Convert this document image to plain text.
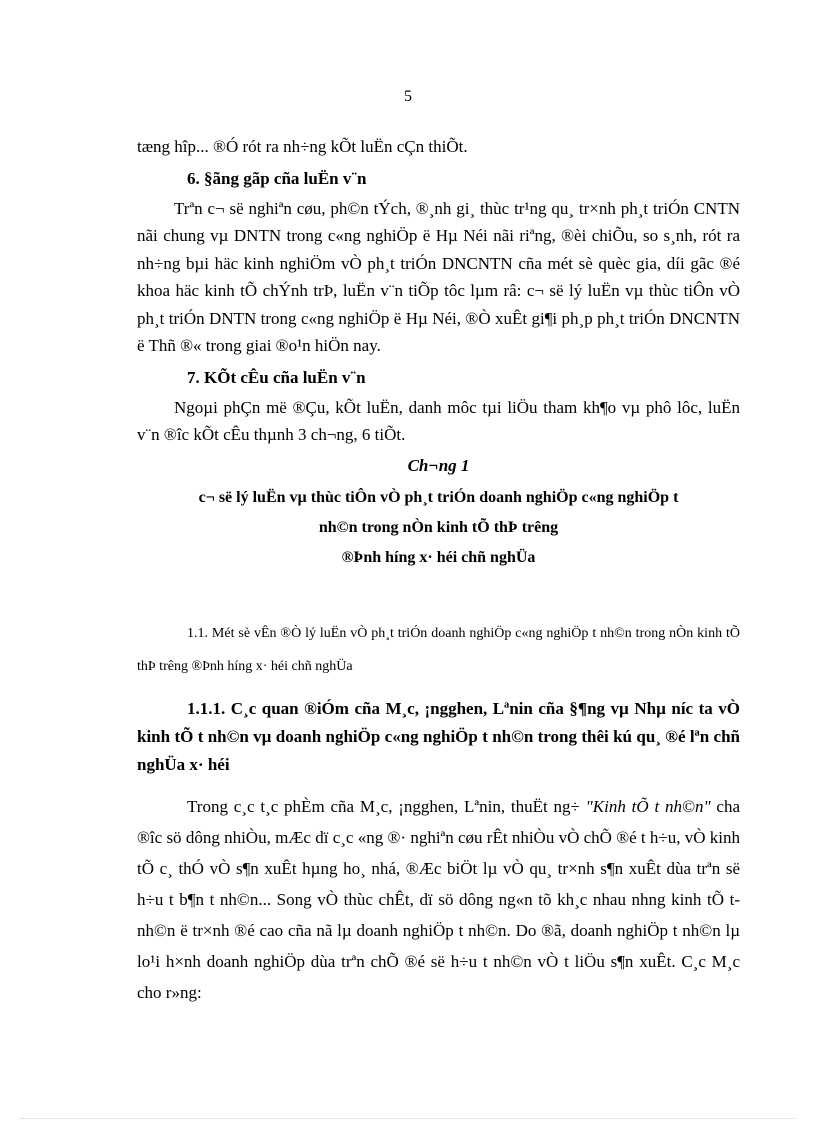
5

tæng hîp... ®Ó rót ra nh÷ng kÕt luËn cÇn thiÕt.

6. §ãng gãp cña luËn v¨n

Trªn c¬ së nghiªn cøu, ph©n tÝch, ®¸nh gi¸ thùc tr¹ng qu¸ tr×nh ph¸t triÓn CNTN nãi chung vµ DNTN trong c«ng nghiÖp ë Hµ Néi nãi riªng, ®èi chiÕu, so s¸nh, rót ra nh÷ng bµi häc kinh nghiÖm vÒ ph¸t triÓn DNCNTN cña mét sè quèc gia, díi gãc ®é khoa häc kinh tÕ chÝnh trÞ, luËn v¨n tiÕp tôc lµm râ: c¬ së lý luËn vµ thùc tiÔn vÒ ph¸t triÓn DNTN trong c«ng nghiÖp ë Hµ Néi, ®Ò xuÊt gi¶i ph¸p ph¸t triÓn DNCNTN ë Thñ ®« trong giai ®o¹n hiÖn nay.

7. KÕt cÊu cña luËn v¨n

Ngoµi phÇn më ®Çu, kÕt luËn, danh môc tµi liÖu tham kh¶o vµ phô lôc, luËn v¨n ®îc kÕt cÊu thµnh 3 ch¬ng, 6 tiÕt.

Ch¬ng 1

c¬ së lý luËn vµ thùc tiÔn vÒ ph¸t triÓn doanh nghiÖp c«ng nghiÖp t
nh©n trong nÒn kinh tÕ thÞ trêng
®Þnh híng x· héi chñ nghÜa

1.1. Mét sè vÊn ®Ò lý luËn vÒ ph¸t triÓn doanh nghiÖp c«ng nghiÖp t nh©n trong nÒn kinh tÕ thÞ trêng ®Þnh híng x· héi chñ nghÜa

1.1.1. C¸c quan ®iÓm cña M¸c, ¡ngghen, Lªnin cña §¶ng vµ Nhµ níc ta vÒ kinh tÕ t nh©n vµ doanh nghiÖp c«ng nghiÖp t nh©n trong thêi kú qu¸ ®é lªn chñ nghÜa x· héi

Trong c¸c t¸c phÈm cña M¸c, ¡ngghen, Lªnin, thuËt ng÷ "Kinh tÕ t nh©n" cha ®îc sö dông nhiÒu, mÆc dï c¸c «ng ®· nghiªn cøu rÊt nhiÒu vÒ chÕ ®é t h÷u, vÒ kinh tÕ c¸ thÓ vÒ s¶n xuÊt hµng ho¸ nhá, ®Æc biÖt lµ vÒ qu¸ tr×nh s¶n xuÊt dùa trªn së h÷u t b¶n t nh©n... Song vÒ thùc chÊt, dï sö dông ng«n tõ kh¸c nhau nhng kinh tÕ t nh©n ë tr×nh ®é cao cña nã lµ doanh nghiÖp t nh©n. Do ®ã, doanh nghiÖp t nh©n lµ lo¹i h×nh doanh nghiÖp dùa trªn chÕ ®é së h÷u t nh©n vÒ t liÖu s¶n xuÊt. C¸c M¸c cho r»ng:
